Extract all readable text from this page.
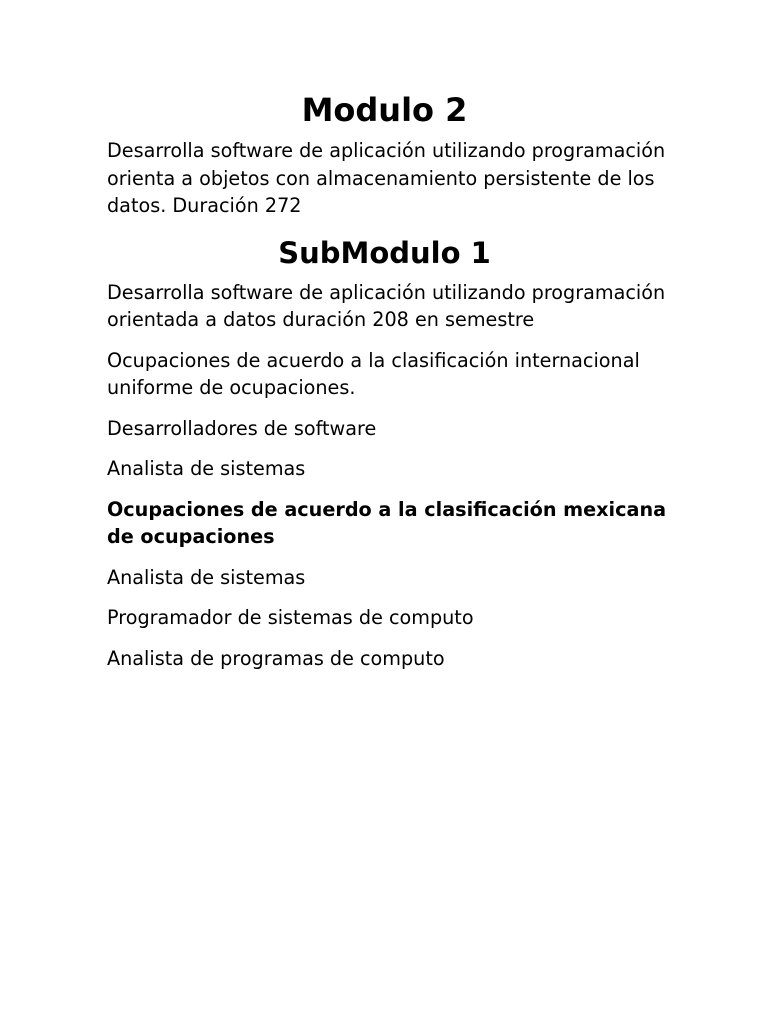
Modulo 2

Desarrolla software de aplicación utilizando programación orienta a objetos con almacenamiento persistente de los datos. Duración 272

SubModulo 1

Desarrolla software de aplicación utilizando programación orientada a datos duración 208 en semestre

Ocupaciones de acuerdo a la clasificación internacional uniforme de ocupaciones.

Desarrolladores de software

Analista de sistemas

Ocupaciones de acuerdo a la clasificación mexicana de ocupaciones

Analista de sistemas

Programador de sistemas de computo

Analista de programas de computo
